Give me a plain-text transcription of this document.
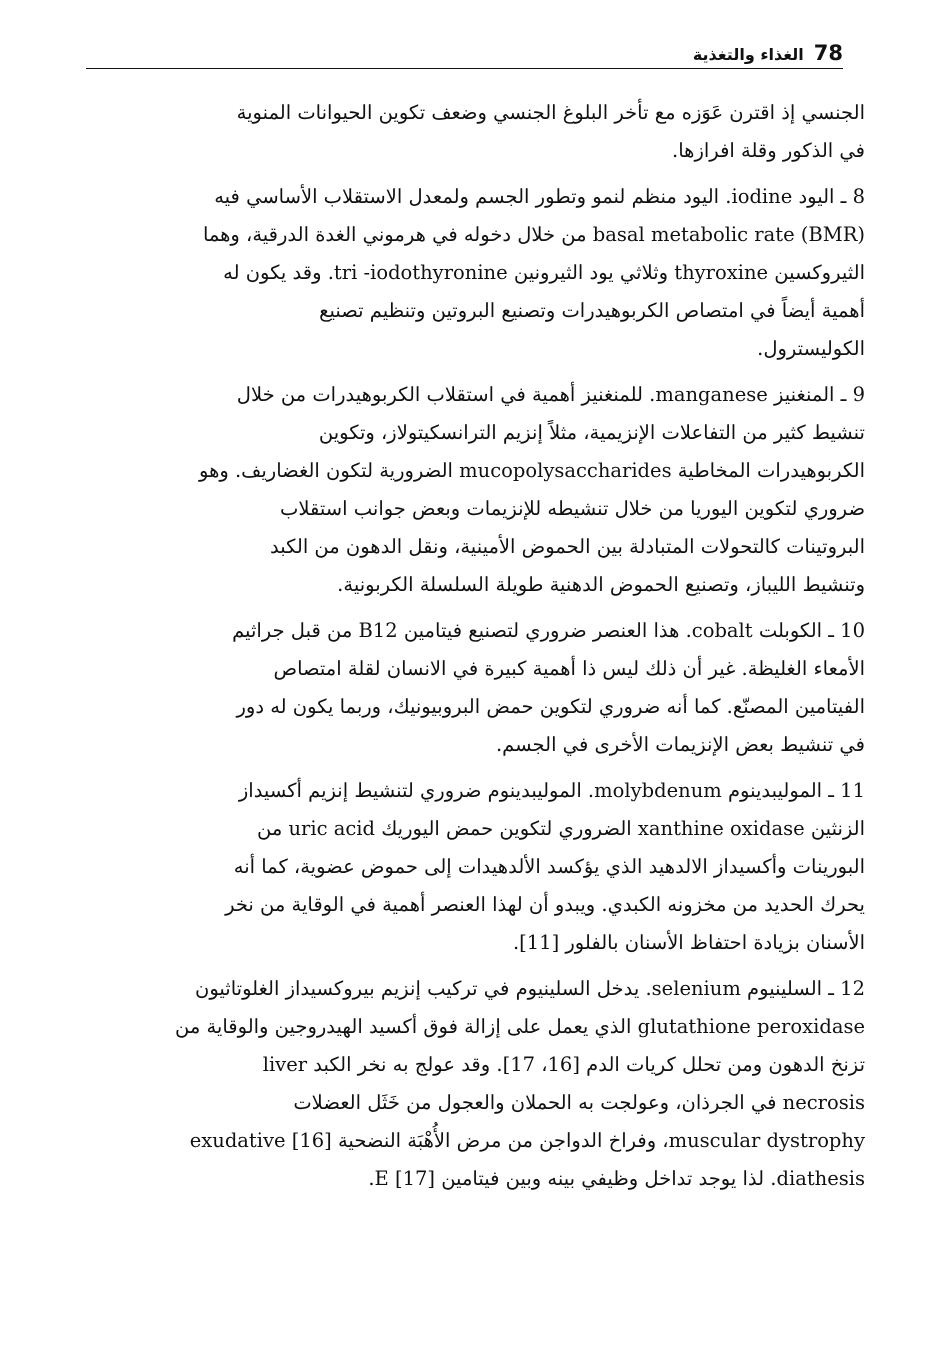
78
الغذاء والتغذية

الجنسي إذ اقترن عَوَزه مع تأخر البلوغ الجنسي وضعف تكوين الحيوانات المنوية
في الذكور وقلة افرازها.

8 ـ اليود iodine. اليود منظم لنمو وتطور الجسم ولمعدل الاستقلاب الأساسي فيه
basal metabolic rate (BMR) من خلال دخوله في هرموني الغدة الدرقية، وهما
الثيروكسين thyroxine وثلاثي يود الثيرونين tri -iodothyronine. وقد يكون له
أهمية أيضاً في امتصاص الكربوهيدرات وتصنيع البروتين وتنظيم تصنيع
الكوليسترول.

9 ـ المنغنيز manganese. للمنغنيز أهمية في استقلاب الكربوهيدرات من خلال
تنشيط كثير من التفاعلات الإنزيمية، مثلاً إنزيم الترانسكيتولاز، وتكوين
الكربوهيدرات المخاطية mucopolysaccharides الضرورية لتكون الغضاريف. وهو
ضروري لتكوين اليوريا من خلال تنشيطه للإنزيمات وبعض جوانب استقلاب
البروتينات كالتحولات المتبادلة بين الحموض الأمينية، ونقل الدهون من الكبد
وتنشيط الليباز، وتصنيع الحموض الدهنية طويلة السلسلة الكربونية.

10 ـ الكوبلت cobalt. هذا العنصر ضروري لتصنيع فيتامين B12 من قبل جراثيم
الأمعاء الغليظة. غير أن ذلك ليس ذا أهمية كبيرة في الانسان لقلة امتصاص
الفيتامين المصنّع. كما أنه ضروري لتكوين حمض البروبيونيك، وربما يكون له دور
في تنشيط بعض الإنزيمات الأخرى في الجسم.

11 ـ الموليبدينوم molybdenum. الموليبدينوم ضروري لتنشيط إنزيم أكسيداز
الزنثين xanthine oxidase الضروري لتكوين حمض اليوريك uric acid من
البورينات وأكسيداز الالدهيد الذي يؤكسد الألدهيدات إلى حموض عضوية، كما أنه
يحرك الحديد من مخزونه الكبدي. ويبدو أن لهذا العنصر أهمية في الوقاية من نخر
الأسنان بزيادة احتفاظ الأسنان بالفلور [11].

12 ـ السلينيوم selenium. يدخل السلينيوم في تركيب إنزيم بيروكسيداز الغلوتاثيون
glutathione peroxidase الذي يعمل على إزالة فوق أكسيد الهيدروجين والوقاية من
تزنخ الدهون ومن تحلل كريات الدم [16، 17]. وقد عولج به نخر الكبد liver
necrosis في الجرذان، وعولجت به الحملان والعجول من خَثَل العضلات
muscular dystrophy، وفراخ الدواجن من مرض الأُهْبَة النضحية exudative [16]
diathesis. لذا يوجد تداخل وظيفي بينه وبين فيتامين E [17].
